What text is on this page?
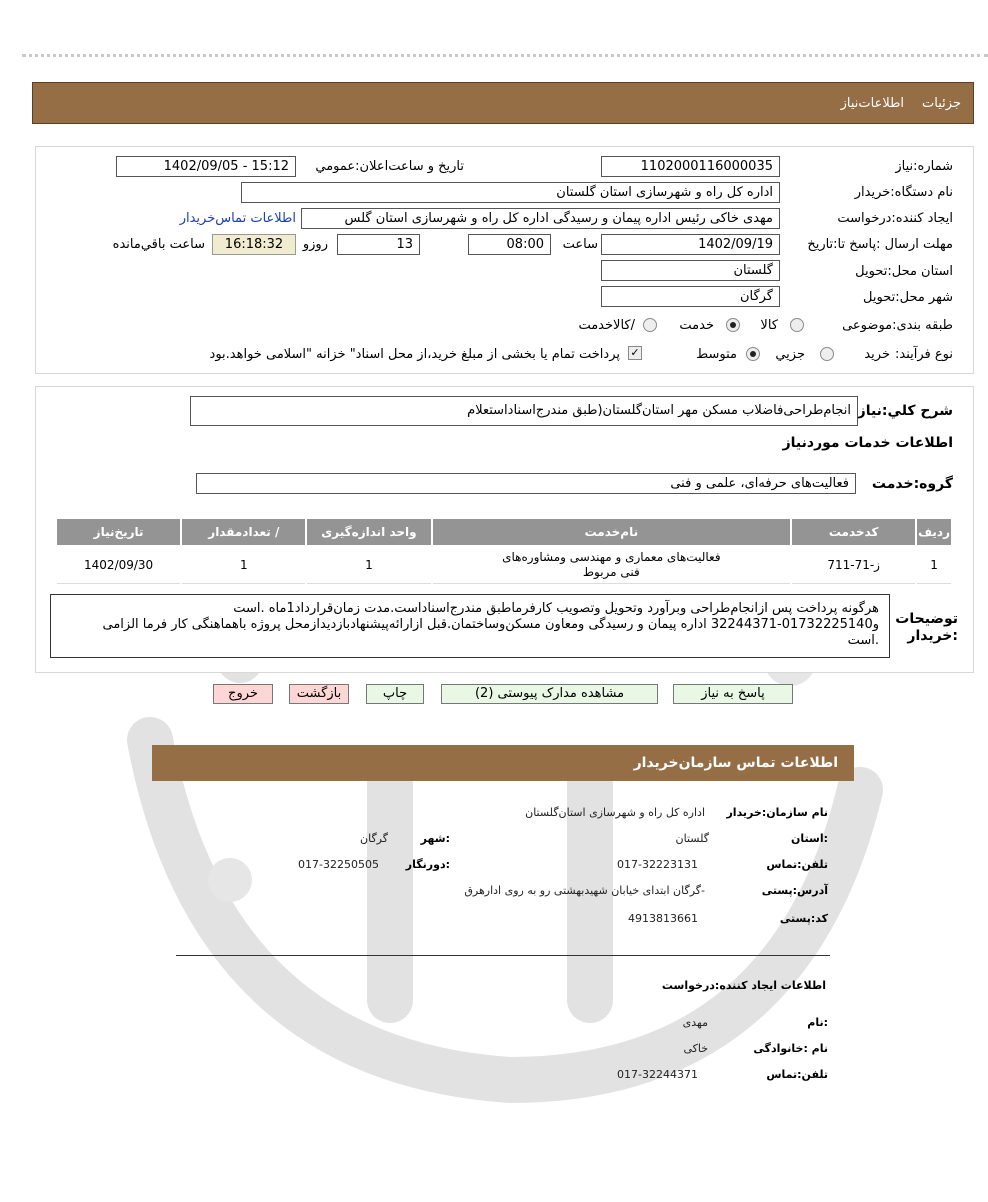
جزئیات
اطلاعات‌نیاز
شماره:نیاز
1102000116000035
تاریخ و ساعت‌اعلان:عمومي
1402/09/05 - 15:12
نام دستگاه:خریدار
اداره کل راه و شهرسازی استان گلستان
ایجاد کننده:درخواست
مهدی خاکی رئیس اداره پیمان و رسیدگی اداره کل راه و شهرسازی استان گلس
اطلاعات تماس‌خریدار
مهلت ارسال :پاسخ تا:تاریخ
1402/09/19
ساعت
08:00
13
روزو
16:18:32
ساعت باقي‌مانده
استان محل:تحویل
گلستان
شهر محل:تحویل
گرگان
طبقه بندی:موضوعی
کالا
خدمت
/کالاخدمت
نوع فرآیند:
خرید
جزيي
متوسط
✓
پرداخت تمام یا بخشی از مبلغ خرید،از محل اسناد" خزانه "اسلامی خواهد.بود
شرح کلي:نیاز
انجام‌طراحی‌فاضلاب مسکن مهر استان‌گلستان(طبق مندرج‌اسناداستعلام
اطلاعات خدمات موردنیاز
گروه:خدمت
فعالیت‌های حرفه‌ای، علمی و فنی
ردیف	کدخدمت	نام‌خدمت	واحد اندازه‌گیری	/ تعدادمقدار	تاریخ‌نیاز
1	ز-71-711	فعالیت‌های معماری و مهندسی ومشاوره‌های
فنی مربوط	1	1	1402/09/30
توضیحات
:خریدار
هرگونه پرداخت پس ازانجام‌طراحی وبرآورد وتحویل وتصویب کارفرماطبق مندرج‌اسناداست.مدت زمان‌قرارداد1ماه .است
و01732225140-32244371 اداره پیمان و رسیدگی ومعاون مسکن‌وساختمان.قبل ازارائه‌پیشنهادبازدیدازمحل پروژه باهماهنگی کار فرما الزامی
.است
پاسخ به نیاز
مشاهده مدارک پیوستی (2)
چاپ
بازگشت
خروج
اطلاعات تماس سازمان‌خریدار
نام سازمان:خریدار
اداره کل راه و شهرسازی استان‌گلستان
:استان
گلستان
:شهر
گرگان
تلفن:تماس
017-32223131
:دورنگار
017-32250505
آدرس:پستی
-گرگان ابتدای خیابان شهید‌بهشتی رو به روی ادارهرق
کد:پستی
4913813661
اطلاعات ایجاد کننده:درخواست
:نام
مهدی
نام :خانوادگی
خاکی
تلفن:تماس
017-32244371
